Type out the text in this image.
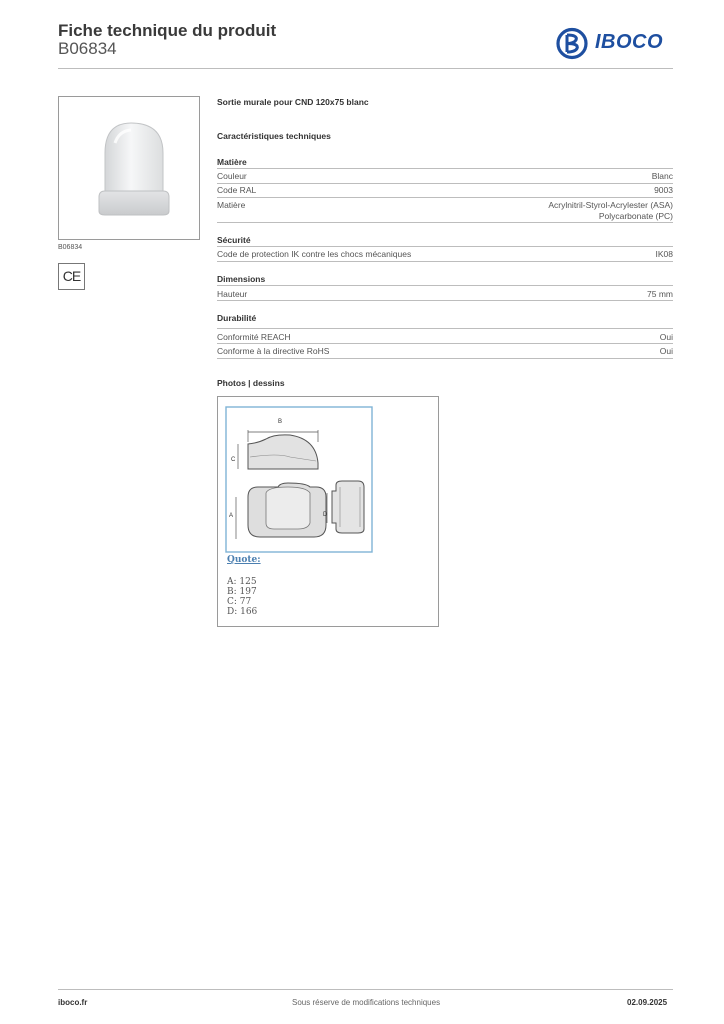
Fiche technique du produit
B06834	IBOCO
B06834
CE
Sortie murale pour CND 120x75 blanc
Caractéristiques techniques
Matière
Couleur	Blanc
Code RAL	9003
Matière	Acrylnitril-Styrol-Acrylester (ASA)
Polycarbonate (PC)
Sécurité
Code de protection IK contre les chocs mécaniques	IK08
Dimensions
Hauteur	75 mm
Durabilité
Conformité REACH	Oui
Conforme à la directive RoHS	Oui
Photos | dessins
B
C
A	D
Quote:
A: 125
B: 197
C: 77
D: 166
iboco.fr	Sous réserve de modifications techniques	02.09.2025
